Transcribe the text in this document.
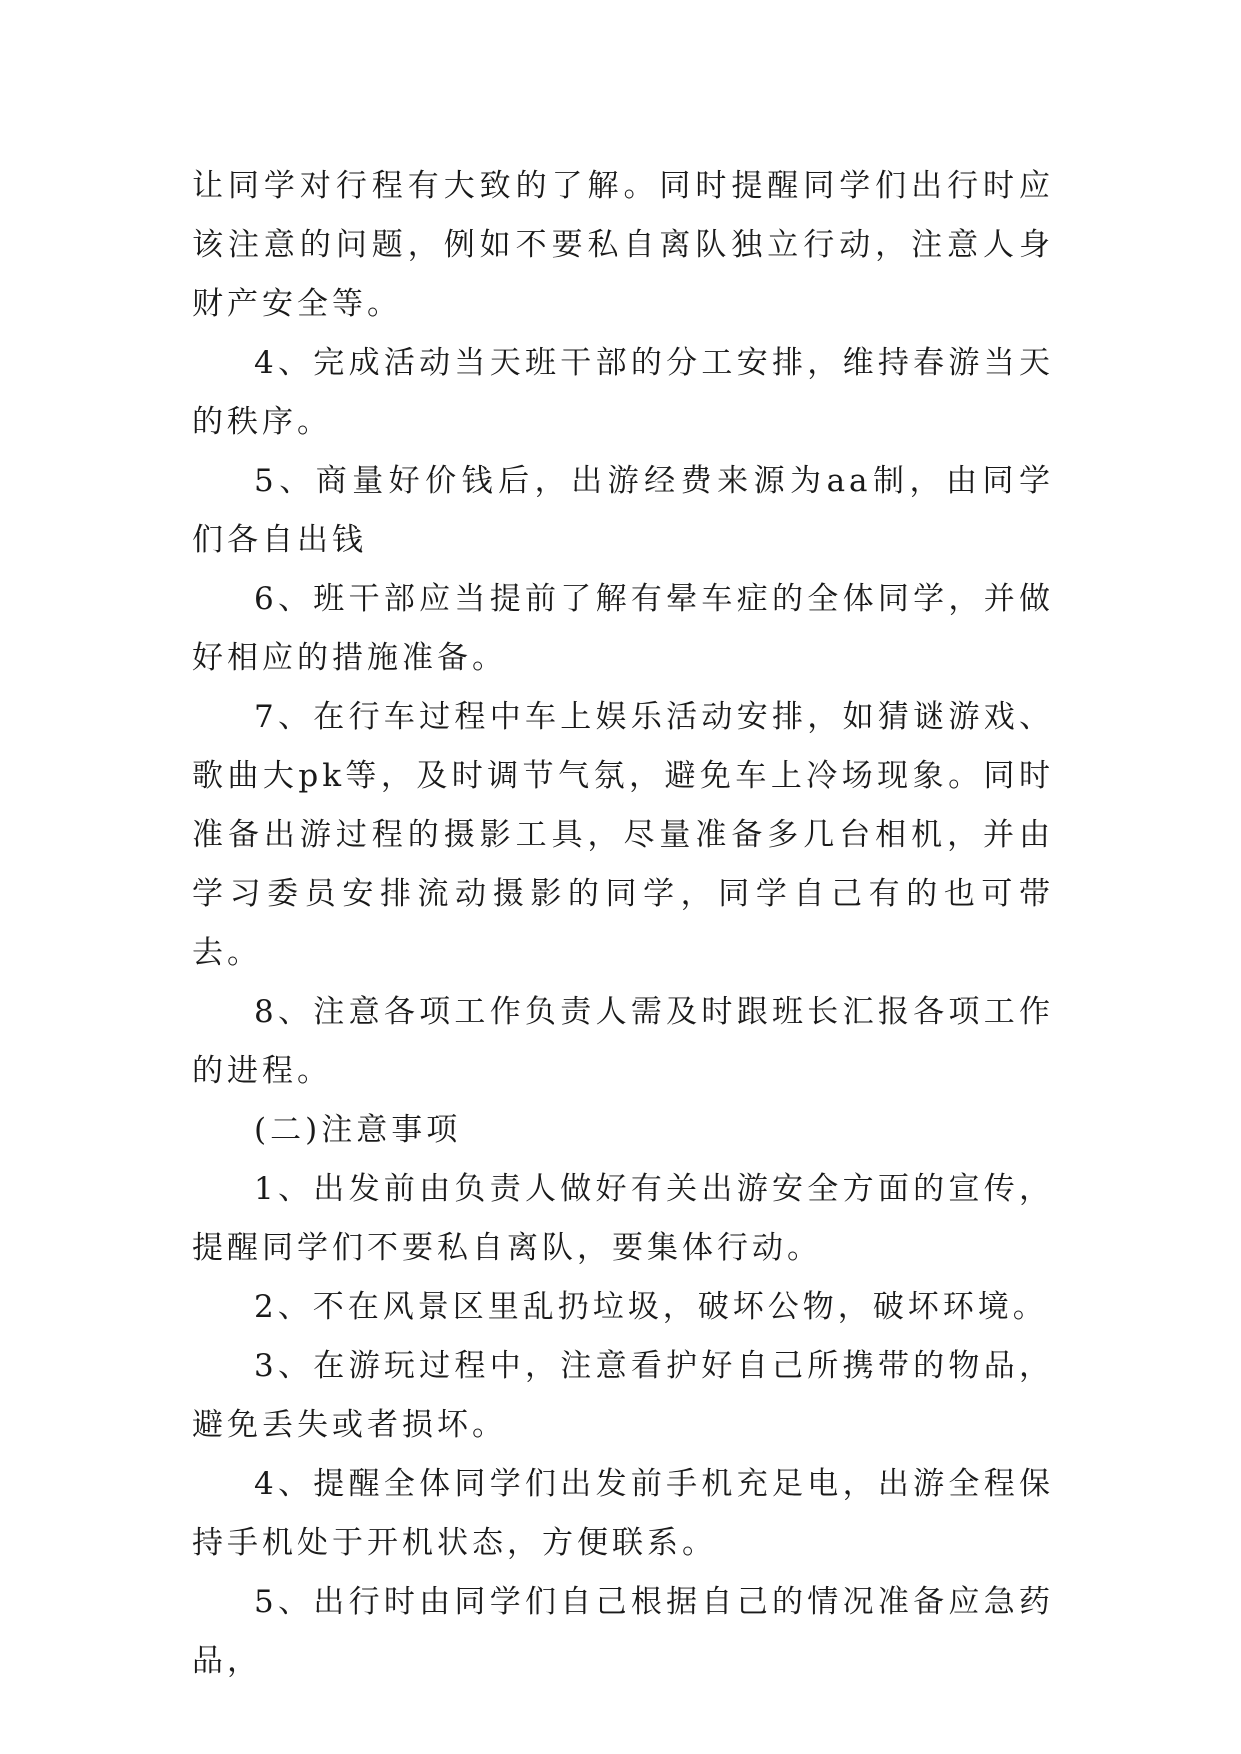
让同学对行程有大致的了解。同时提醒同学们出行时应该注意的问题，例如不要私自离队独立行动，注意人身财产安全等。

4、完成活动当天班干部的分工安排，维持春游当天的秩序。

5、商量好价钱后，出游经费来源为aa制，由同学们各自出钱

6、班干部应当提前了解有晕车症的全体同学，并做好相应的措施准备。

7、在行车过程中车上娱乐活动安排，如猜谜游戏、歌曲大pk等，及时调节气氛，避免车上冷场现象。同时准备出游过程的摄影工具，尽量准备多几台相机，并由学习委员安排流动摄影的同学，同学自己有的也可带去。

8、注意各项工作负责人需及时跟班长汇报各项工作的进程。

(二)注意事项

1、出发前由负责人做好有关出游安全方面的宣传，提醒同学们不要私自离队，要集体行动。

2、不在风景区里乱扔垃圾，破坏公物，破坏环境。

3、在游玩过程中，注意看护好自己所携带的物品，避免丢失或者损坏。

4、提醒全体同学们出发前手机充足电，出游全程保持手机处于开机状态，方便联系。

5、出行时由同学们自己根据自己的情况准备应急药品，
